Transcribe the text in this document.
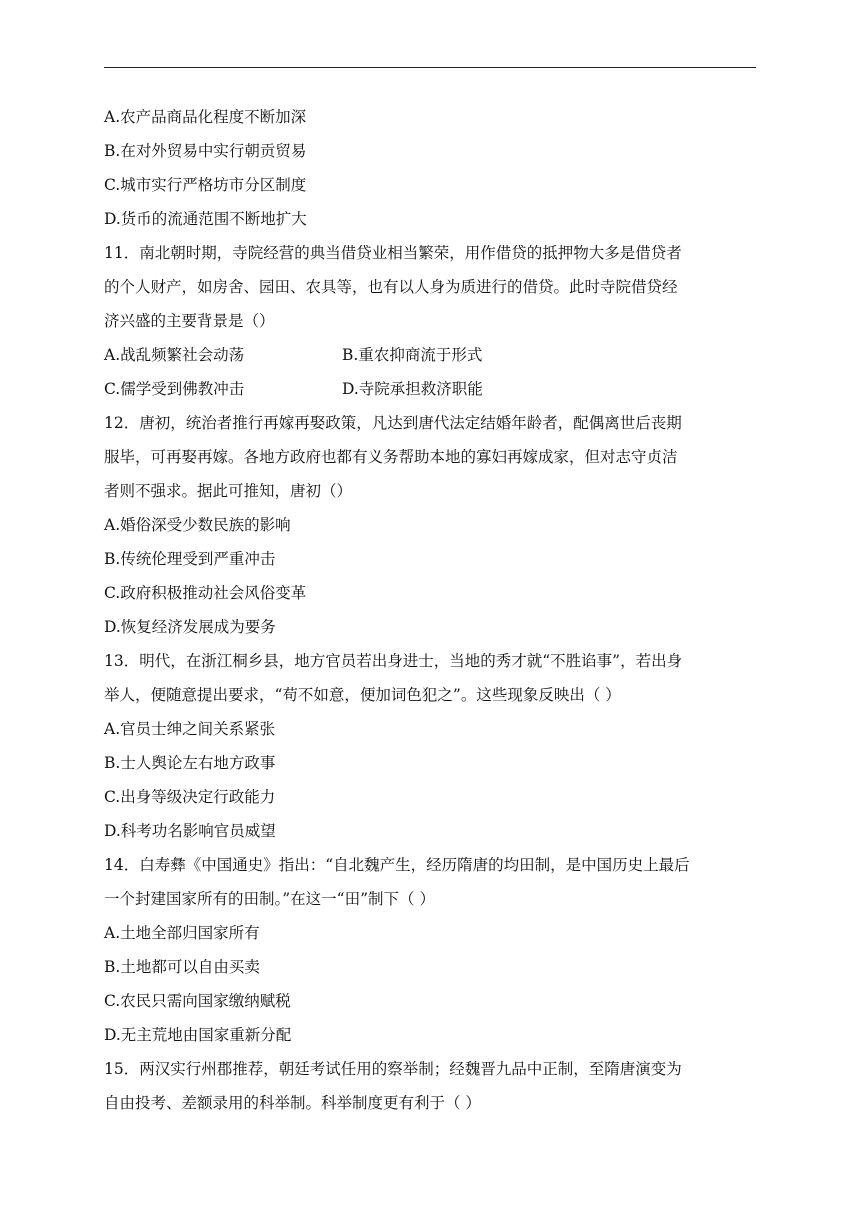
A.农产品商品化程度不断加深
B.在对外贸易中实行朝贡贸易
C.城市实行严格坊市分区制度
D.货币的流通范围不断地扩大
11．南北朝时期，寺院经营的典当借贷业相当繁荣，用作借贷的抵押物大多是借贷者
的个人财产，如房舍、园田、农具等，也有以人身为质进行的借贷。此时寺院借贷经
济兴盛的主要背景是（）
A.战乱频繁社会动荡	B.重农抑商流于形式
C.儒学受到佛教冲击	D.寺院承担救济职能
12．唐初，统治者推行再嫁再娶政策，凡达到唐代法定结婚年龄者，配偶离世后丧期
服毕，可再娶再嫁。各地方政府也都有义务帮助本地的寡妇再嫁成家，但对志守贞洁
者则不强求。据此可推知，唐初（）
A.婚俗深受少数民族的影响
B.传统伦理受到严重冲击
C.政府积极推动社会风俗变革
D.恢复经济发展成为要务
13．明代，在浙江桐乡县，地方官员若出身进士，当地的秀才就“不胜谄事”，若出身
举人，便随意提出要求，“苟不如意，便加词色犯之”。这些现象反映出（ ）
A.官员士绅之间关系紧张
B.士人舆论左右地方政事
C.出身等级决定行政能力
D.科考功名影响官员威望
14．白寿彝《中国通史》指出：“自北魏产生，经历隋唐的均田制，是中国历史上最后
一个封建国家所有的田制。”在这一“田”制下（ ）
A.土地全部归国家所有
B.土地都可以自由买卖
C.农民只需向国家缴纳赋税
D.无主荒地由国家重新分配
15．两汉实行州郡推荐，朝廷考试任用的察举制；经魏晋九品中正制，至隋唐演变为
自由投考、差额录用的科举制。科举制度更有利于（ ）
